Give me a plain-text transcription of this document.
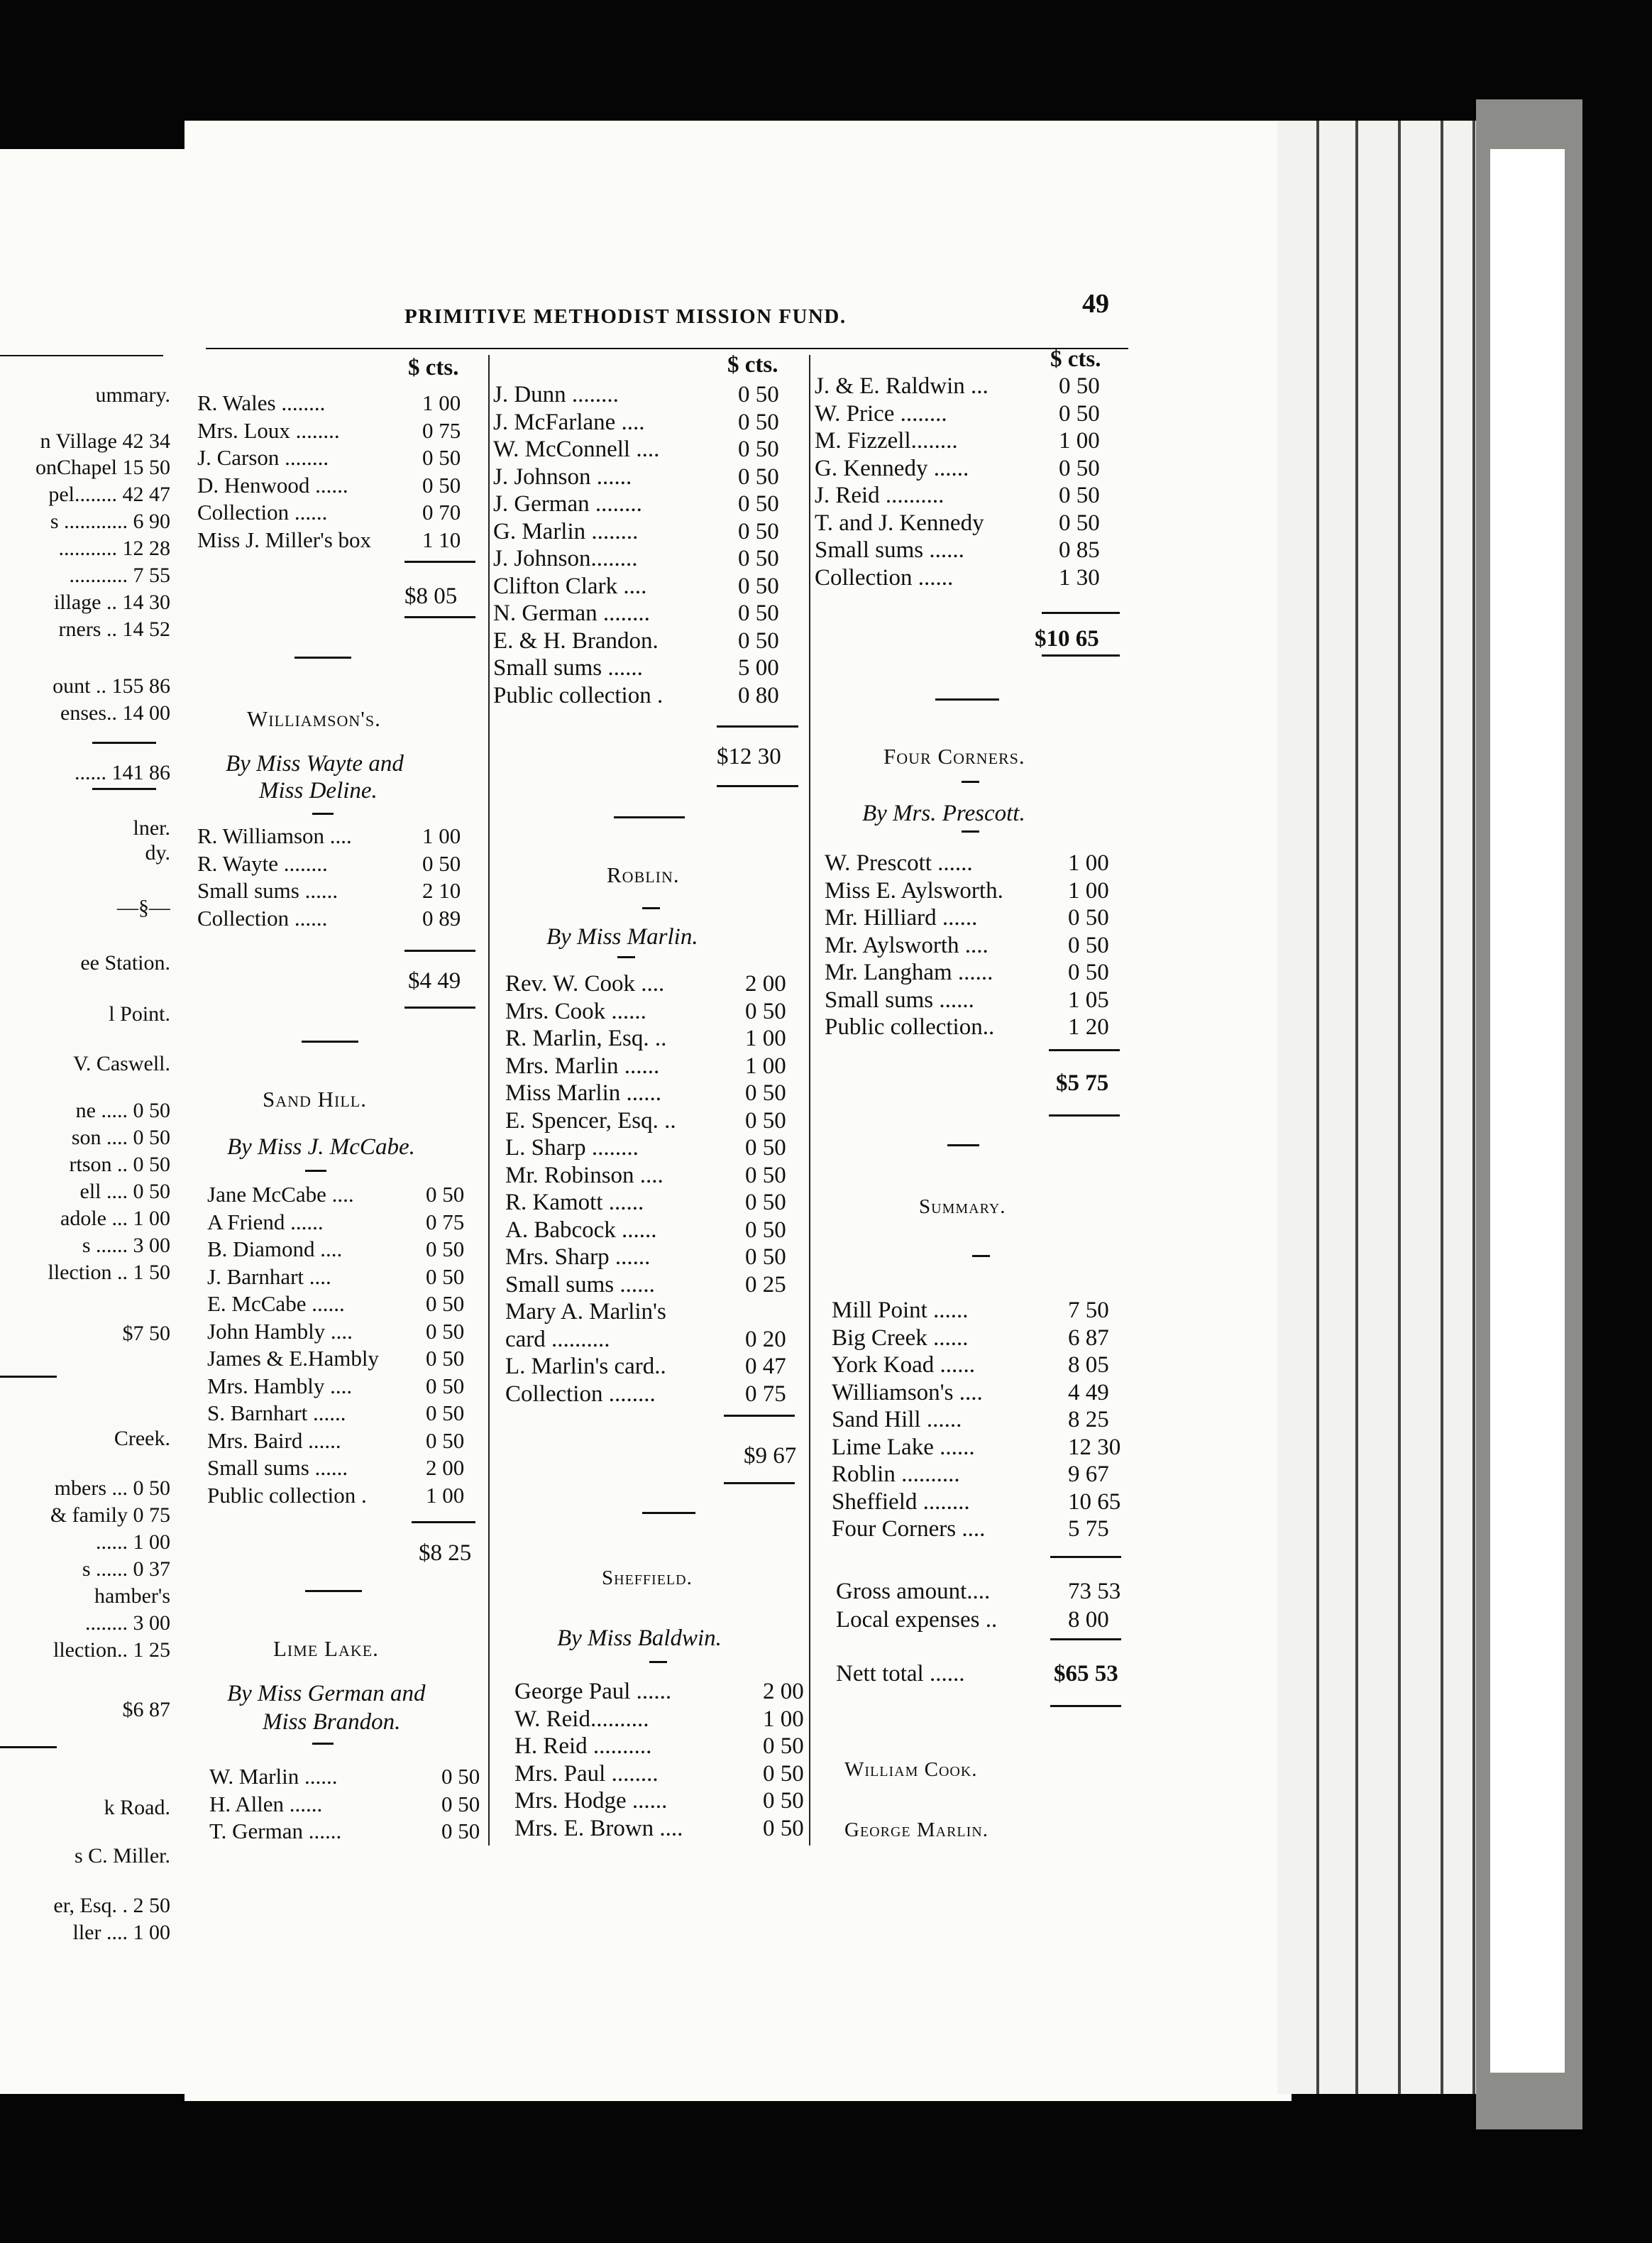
PRIMITIVE METHODIST MISSION FUND.	49
$ cts.	$ cts.	$ cts.
R. Wales ........	1 00
Mrs. Loux ........	0 75
J. Carson ........	0 50
D. Henwood ......	0 50
Collection ......	0 70
Miss J. Miller's box 1 10
$8 05
Williamson's.
By Miss Wayte and
Miss Deline.
R. Williamson ....	1 00
R. Wayte ........	0 50
Small sums ......	2 10
Collection ......	0 89
$4 49
Sand Hill.
By Miss J. McCabe.
Jane McCabe ....	0 50
A Friend ......	0 75
B. Diamond ....	0 50
J. Barnhart ....	0 50
E. McCabe ......	0 50
John Hambly ....	0 50
James & E.Hambly 0 50
Mrs. Hambly ....	0 50
S. Barnhart ......	0 50
Mrs. Baird ......	0 50
Small sums ......	2 00
Public collection .	1 00
$8 25
Lime Lake.
By Miss German and
Miss Brandon.
W. Marlin ......	0 50
H. Allen ......	0 50
T. German ......	0 50
J. Dunn ........	0 50
J. McFarlane ....	0 50
W. McConnell ....	0 50
J. Johnson ......	0 50
J. German ........	0 50
G. Marlin ........	0 50
J. Johnson........	0 50
Clifton Clark ....	0 50
N. German ........	0 50
E. & H. Brandon.	0 50
Small sums ......	5 00
Public collection .	0 80
$12 30
Roblin.
By Miss Marlin.
Rev. W. Cook ....	2 00
Mrs. Cook ......	0 50
R. Marlin, Esq. ..	1 00
Mrs. Marlin ......	1 00
Miss Marlin ......	0 50
E. Spencer, Esq. ..	0 50
L. Sharp ........	0 50
Mr. Robinson ....	0 50
R. Kamott ......	0 50
A. Babcock ......	0 50
Mrs. Sharp ......	0 50
Small sums ......	0 25
Mary A. Marlin's
card ..........	0 20
L. Marlin's card..	0 47
Collection ........	0 75
$9 67
Sheffield.
By Miss Baldwin.
George Paul ......	2 00
W. Reid..........	1 00
H. Reid ..........	0 50
Mrs. Paul ........	0 50
Mrs. Hodge ......	0 50
Mrs. E. Brown ....	0 50
J. & E. Raldwin ...	0 50
W. Price ........	0 50
M. Fizzell........	1 00
G. Kennedy ......	0 50
J. Reid ..........	0 50
T. and J. Kennedy	0 50
Small sums ......	0 85
Collection ......	1 30
$10 65
Four Corners.
By Mrs. Prescott.
W. Prescott ......	1 00
Miss E. Aylsworth.	1 00
Mr. Hilliard ......	0 50
Mr. Aylsworth ....	0 50
Mr. Langham ......	0 50
Small sums ......	1 05
Public collection..	1 20
$5 75
Summary.
Mill Point ......	7 50
Big Creek ......	6 87
York Koad ......	8 05
Williamson's ....	4 49
Sand Hill ......	8 25
Lime Lake ......	12 30
Roblin ..........	9 67
Sheffield ........	10 65
Four Corners ....	5 75
Gross amount....	73 53
Local expenses ..	8 00
Nett total ......	$65 53
William Cook.
George Marlin.
ummary.
n Village 42 34
onChapel 15 50
pel........ 42 47
s ............ 6 90
........... 12 28
........... 7 55
illage .. 14 30
rners .. 14 52
ount .. 155 86
enses.. 14 00
...... 141 86
lner.
dy.
—§—
ee Station.
l Point.
V. Caswell.
ne ..... 0 50
son .... 0 50
rtson .. 0 50
ell .... 0 50
adole ... 1 00
s ...... 3 00
llection .. 1 50
$7 50
Creek.
mbers ... 0 50
& family 0 75
...... 1 00
s ...... 0 37
hamber's
........ 3 00
llection.. 1 25
$6 87
k Road.
s C. Miller.
er, Esq. . 2 50
ller .... 1 00
